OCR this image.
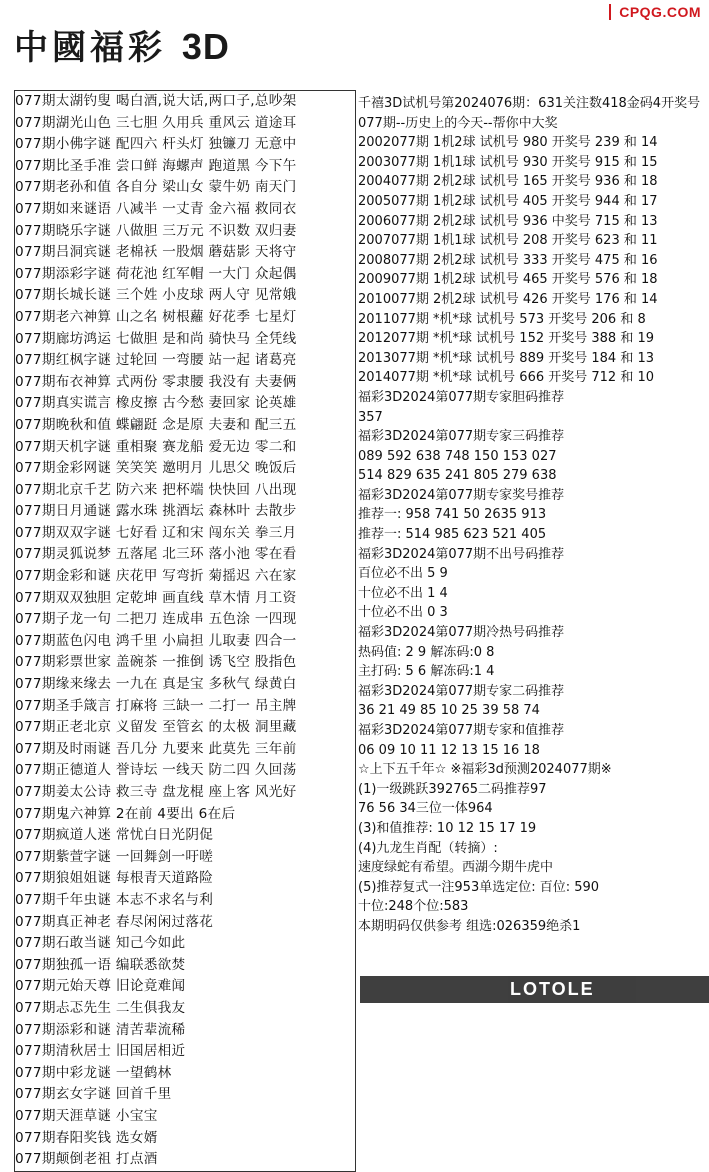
CPQG.COM
中國福彩 3D
077期太湖钓叟 喝白酒,说大话,两口子,总吵架
077期湖光山色 三七胆 久用兵 重风云 道途耳
077期小佛字谜 配四六 杆头灯 独镰刀 无意中
077期比圣手准 尝口鲜 海螺声 跑道黑 今下午
077期老孙和值 各自分 梁山女 蒙牛奶 南天门
077期如来谜语 八减半 一丈青 金六福 救同衣
077期晓乐字谜 八做胆 三万元 不识数 双归妻
077期吕洞宾谜 老棉袄 一股烟 蘑菇影 天将守
077期添彩字谜 荷花池 红军帽 一大门 众起偶
077期长城长谜 三个姓 小皮球 两人守 见常娥
077期老六神算 山之名 树根蘿 好花季 七星灯
077期廊坊鸿运 七做胆 是和尚 骑快马 全凭线
077期红枫字谜 过轮回 一弯腰 站一起 诸葛亮
077期布衣神算 式两份 零隶腰 我没有 夫妻俩
077期真实谎言 橡皮擦 古今愁 妻回家 论英雄
077期晚秋和值 蝶翩跹 念是原 夫妻和 配三五
077期天机字谜 重相聚 赛龙船 爱无边 零二和
077期金彩网谜 笑笑笑 邀明月 儿思父 晚饭后
077期北京千艺 防六来 把杯端 快快回 八出现
077期日月通谜 露水珠 挑酒坛 森林叶 去散步
077期双双字谜 七好看 辽和宋 闯东关 拳三月
077期灵狐说梦 五落尾 北三环 落小池 零在看
077期金彩和谜 庆花甲 写弯折 菊摇迟 六在家
077期双双独胆 定乾坤 画直线 草木情 月工资
077期子龙一句 二把刀 连成串 五色涂 一四现
077期蓝色闪电 鸿千里 小扁担 儿取妻 四合一
077期彩票世家 盖碗茶 一推倒 诱飞空 股指色
077期缘来缘去 一九在 真是宝 多秋气 绿黄白
077期圣手箴言 打麻将 三缺一 二打一 吊主牌
077期正老北京 义留发 至管玄 的太极 洞里藏
077期及时雨谜 吾几分 九要来 此莫先 三年前
077期正德道人 誉诗坛 一线天 防二四 久回荡
077期姜太公诗 救三寺 盘龙棍 座上客 风光好
077期鬼六神算 2在前 4要出 6在后
077期疯道人迷 常忧白日光阴促
077期紫萱字谜 一回舞剑一吁嗟
077期狼姐姐谜 每根青天道路险
077期千年虫谜 本志不求名与利
077期真正神老 春尽闲闲过落花
077期石敢当谜 知己今如此
077期独孤一语 编联悉欲焚
077期元始天尊 旧论竟难闻
077期忐忑先生 二生俱我友
077期添彩和谜 清苦辈流稀
077期清秋居士 旧国居相近
077期中彩龙谜 一望鹤林
077期玄女字谜 回首千里
077期天涯草谜 小宝宝
077期春阳奖钱 选女婿
077期颠倒老祖 打点酒
千禧3D试机号第2024076期：631关注数418金码4开奖号
077期--历史上的今天--帮你中大奖
2002077期 1机2球 试机号 980 开奖号 239 和 14
2003077期 1机1球 试机号 930 开奖号 915 和 15
2004077期 2机2球 试机号 165 开奖号 936 和 18
2005077期 1机2球 试机号 405 开奖号 944 和 17
2006077期 2机2球 试机号 936 中奖号 715 和 13
2007077期 1机1球 试机号 208 开奖号 623 和 11
2008077期 2机2球 试机号 333 开奖号 475 和 16
2009077期 1机2球 试机号 465 开奖号 576 和 18
2010077期 2机2球 试机号 426 开奖号 176 和 14
2011077期 *机*球 试机号 573 开奖号 206 和 8
2012077期 *机*球 试机号 152 开奖号 388 和 19
2013077期 *机*球 试机号 889 开奖号 184 和 13
2014077期 *机*球 试机号 666 开奖号 712 和 10
福彩3D2024第077期专家胆码推荐
357
福彩3D2024第077期专家三码推荐
089 592 638 748 150 153 027
514 829 635 241 805 279 638
福彩3D2024第077期专家奖号推荐
推荐一: 958 741 50 2635 913
推荐一: 514 985 623 521 405
福彩3D2024第077期不出号码推荐
百位必不出 5 9
十位必不出 1 4
十位必不出 0 3
福彩3D2024第077期冷热号码推荐
热码值: 2 9 解冻码:0 8
主打码: 5 6 解冻码:1 4
福彩3D2024第077期专家二码推荐
36 21 49 85 10 25 39 58 74
福彩3D2024第077期专家和值推荐
06 09 10 11 12 13 15 16 18
☆上下五千年☆ ※福彩3d预测2024077期※
(1)一级跳跃392765二码推荐97
76 56 34三位一体964
(3)和值推荐: 10 12 15 17 19
(4)九龙生肖配（转摘）:
速度绿蛇有希望。西湖今期牛虎中
(5)推荐复式一注953单选定位: 百位: 590
十位:248个位:583
本期明码仅供参考 组选:026359绝杀1
LOTOLE
